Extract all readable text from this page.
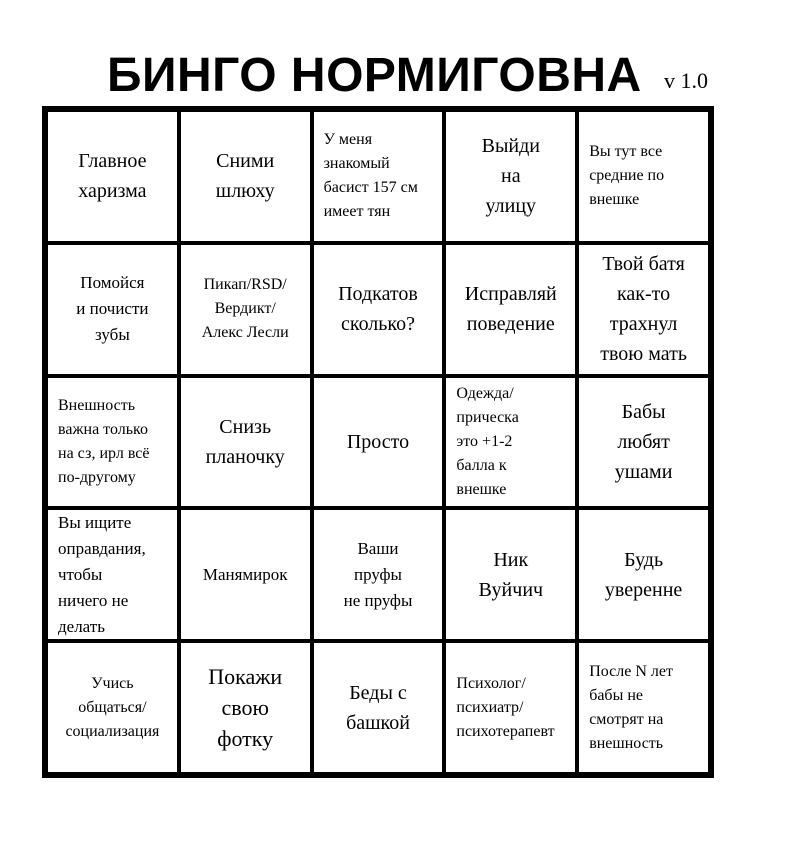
БИНГО НОРМИГОВНА v 1.0
Главное
харизма
Сними
шлюху
У меня
знакомый
басист 157 см
имеет тян
Выйди
на
улицу
Вы тут все
средние по
внешке
Помойся
и почисти
зубы
Пикап/RSD/
Вердикт/
Алекс Лесли
Подкатов
сколько?
Исправляй
поведение
Твой батя
как-то
трахнул
твою мать
Внешность
важна только
на сз, ирл всё
по-другому
Снизь
планочку
Просто
Одежда/
прическа
это +1-2
балла к
внешке
Бабы
любят
ушами
Вы ищите
оправдания,
чтобы
ничего не
делать
Манямирок
Ваши
пруфы
не пруфы
Ник
Вуйчич
Будь
уверенне
Учись
общаться/
социализация
Покажи
свою
фотку
Беды с
башкой
Психолог/
психиатр/
психотерапевт
После N лет
бабы не
смотрят на
внешность
